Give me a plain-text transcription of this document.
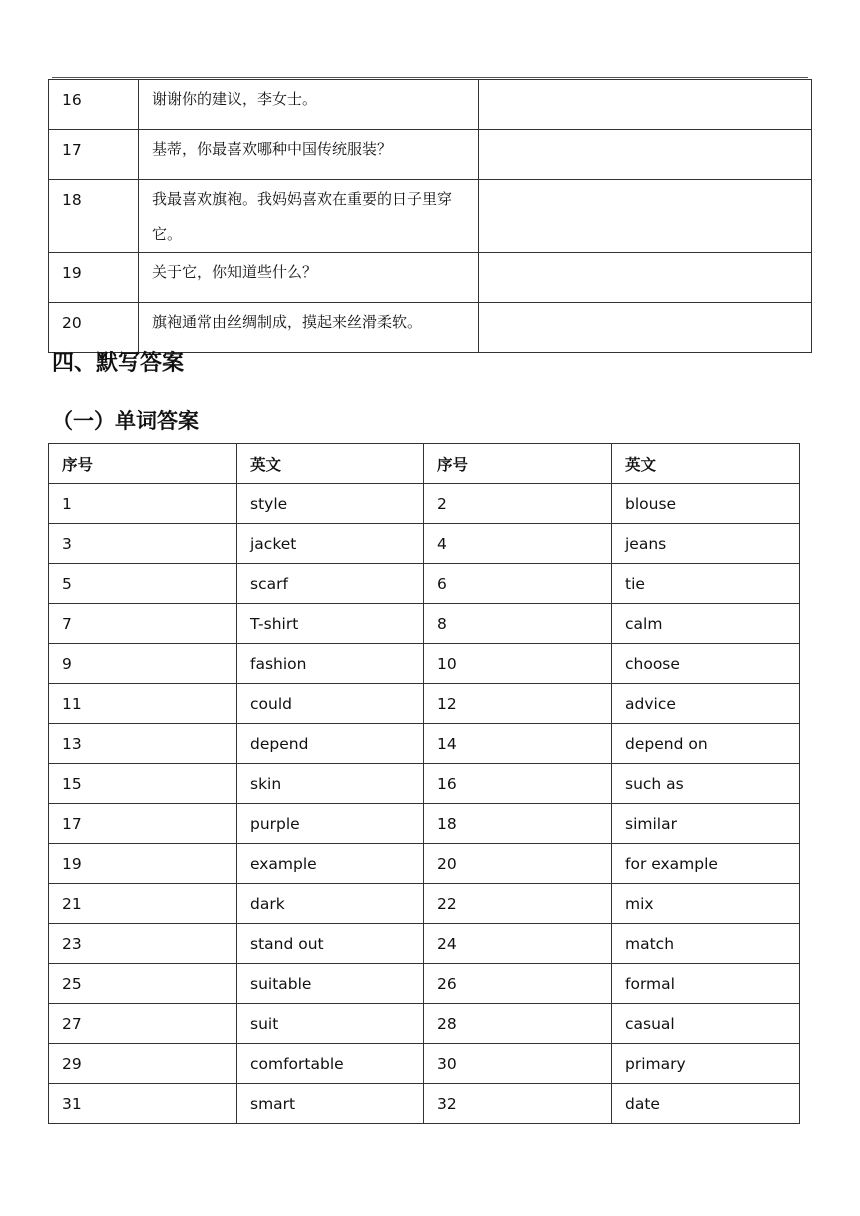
16	谢谢你的建议，李女士。	
17	基蒂，你最喜欢哪种中国传统服装？	
18	我最喜欢旗袍。我妈妈喜欢在重要的日子里穿它。	
19	关于它，你知道些什么？	
20	旗袍通常由丝绸制成，摸起来丝滑柔软。	
四、默写答案
（一）单词答案
序号	英文	序号	英文
1	style	2	blouse
3	jacket	4	jeans
5	scarf	6	tie
7	T-shirt	8	calm
9	fashion	10	choose
11	could	12	advice
13	depend	14	depend on
15	skin	16	such as
17	purple	18	similar
19	example	20	for example
21	dark	22	mix
23	stand out	24	match
25	suitable	26	formal
27	suit	28	casual
29	comfortable	30	primary
31	smart	32	date
